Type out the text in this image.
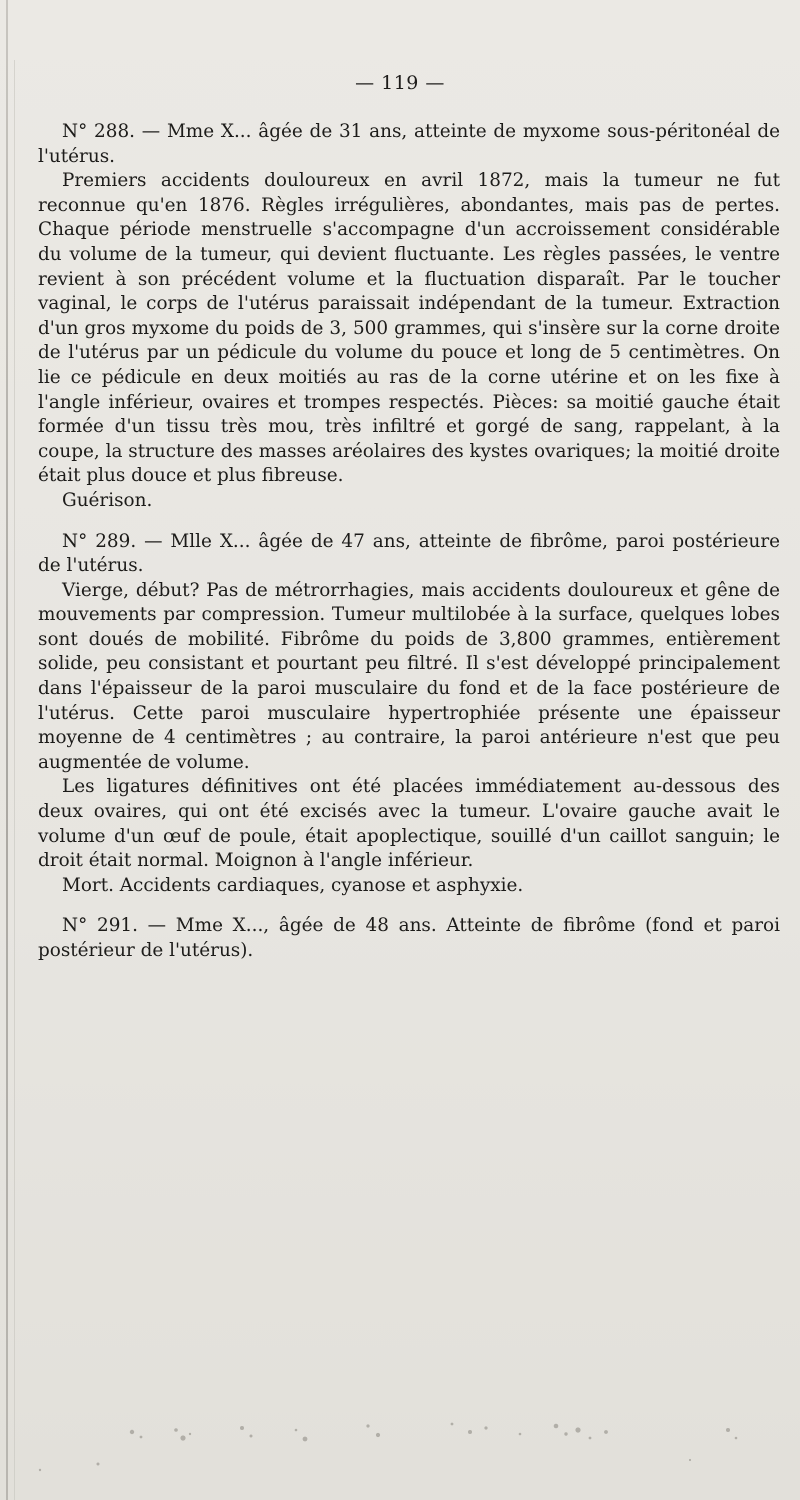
— 119 —

N° 288. — Mme X... âgée de 31 ans, atteinte de myxome sous-péritonéal de l'utérus.

Premiers accidents douloureux en avril 1872, mais la tumeur ne fut reconnue qu'en 1876. Règles irrégulières, abondantes, mais pas de pertes. Chaque période menstruelle s'accompagne d'un accroissement considérable du volume de la tumeur, qui devient fluctuante. Les règles passées, le ventre revient à son précédent volume et la fluctuation disparaît. Par le toucher vaginal, le corps de l'utérus paraissait indépendant de la tumeur. Extraction d'un gros myxome du poids de 3, 500 grammes, qui s'insère sur la corne droite de l'utérus par un pédicule du volume du pouce et long de 5 centimètres. On lie ce pédicule en deux moitiés au ras de la corne utérine et on les fixe à l'angle inférieur, ovaires et trompes respectés. Pièces: sa moitié gauche était formée d'un tissu très mou, très infiltré et gorgé de sang, rappelant, à la coupe, la structure des masses aréolaires des kystes ovariques; la moitié droite était plus douce et plus fibreuse.

Guérison.

N° 289. — Mlle X... âgée de 47 ans, atteinte de fibrôme, paroi postérieure de l'utérus.

Vierge, début? Pas de métrorrhagies, mais accidents douloureux et gêne de mouvements par compression. Tumeur multilobée à la surface, quelques lobes sont doués de mobilité. Fibrôme du poids de 3,800 grammes, entièrement solide, peu consistant et pourtant peu filtré. Il s'est développé principalement dans l'épaisseur de la paroi musculaire du fond et de la face postérieure de l'utérus. Cette paroi musculaire hypertrophiée présente une épaisseur moyenne de 4 centimètres ; au contraire, la paroi antérieure n'est que peu augmentée de volume.

Les ligatures définitives ont été placées immédiatement au-dessous des deux ovaires, qui ont été excisés avec la tumeur. L'ovaire gauche avait le volume d'un œuf de poule, était apoplectique, souillé d'un caillot sanguin; le droit était normal. Moignon à l'angle inférieur.

Mort. Accidents cardiaques, cyanose et asphyxie.

N° 291. — Mme X..., âgée de 48 ans. Atteinte de fibrôme (fond et paroi postérieur de l'utérus).
